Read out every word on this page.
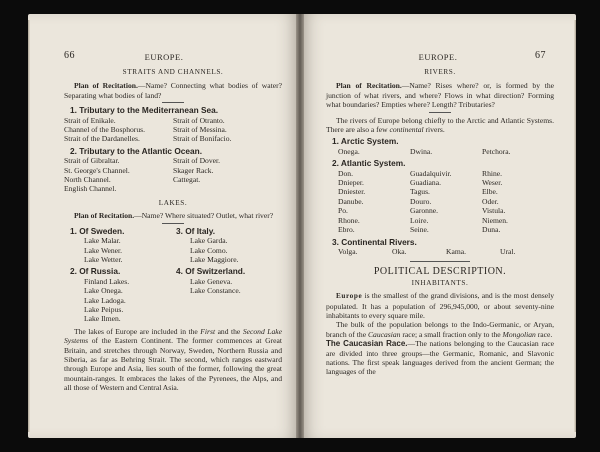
66	EUROPE.
STRAITS AND CHANNELS.

Plan of Recitation.—Name? Connecting what bodies of water? Separating what bodies of land?

1. Tributary to the Mediterranean Sea.
Strait of Enikale.	Strait of Otranto.
Channel of the Bosphorus.	Strait of Messina.
Strait of the Dardanelles.	Strait of Bonifacio.
2. Tributary to the Atlantic Ocean.
Strait of Gibraltar.	Strait of Dover.
St. George's Channel.	Skager Rack.
North Channel.	Cattegat.
English Channel.
LAKES.

Plan of Recitation.—Name? Where situated? Outlet, what river?

1. Of Sweden.
Lake Malar.
Lake Wener.
Lake Wetter.
3. Of Italy.
Lake Garda.
Lake Como.
Lake Maggiore.
2. Of Russia.
Finland Lakes.
Lake Onega.
Lake Ladoga.
Lake Peipus.
Lake Ilmen.
4. Of Switzerland.
Lake Geneva.
Lake Constance.

The lakes of Europe are included in the First and the Second Lake Systems of the Eastern Continent. The former commences at Great Britain, and stretches through Norway, Sweden, Northern Russia and Siberia, as far as Behring Strait. The second, which ranges eastward through Europe and Asia, lies south of the former, following the great mountain-ranges. It embraces the lakes of the Pyrenees, the Alps, and all those of Western and Central Asia.

EUROPE.	67
RIVERS.

Plan of Recitation.—Name? Rises where? or, is formed by the junction of what rivers, and where? Flows in what direction? Forming what boundaries? Empties where? Length? Tributaries?

The rivers of Europe belong chiefly to the Arctic and Atlantic Systems. There are also a few continental rivers.

1. Arctic System.
Onega.	Dwina.	Petchora.
2. Atlantic System.
Don.	Guadalquivir.	Rhine.
Dnieper.	Guadiana.	Weser.
Dniester.	Tagus.	Elbe.
Danube.	Douro.	Oder.
Po.	Garonne.	Vistula.
Rhone.	Loire.	Niemen.
Ebro.	Seine.	Duna.
3. Continental Rivers.
Volga.	Oka.	Kama.	Ural.
POLITICAL DESCRIPTION.
INHABITANTS.

Europe is the smallest of the grand divisions, and is the most densely populated. It has a population of 296,945,000, or about seventy-nine inhabitants to every square mile.

The bulk of the population belongs to the Indo-Germanic, or Aryan, branch of the Caucasian race; a small fraction only to the Mongolian race.

The Caucasian Race.—The nations belonging to the Caucasian race are divided into three groups—the Germanic, Romanic, and Slavonic nations. The first speak languages derived from the ancient German; the languages of the
